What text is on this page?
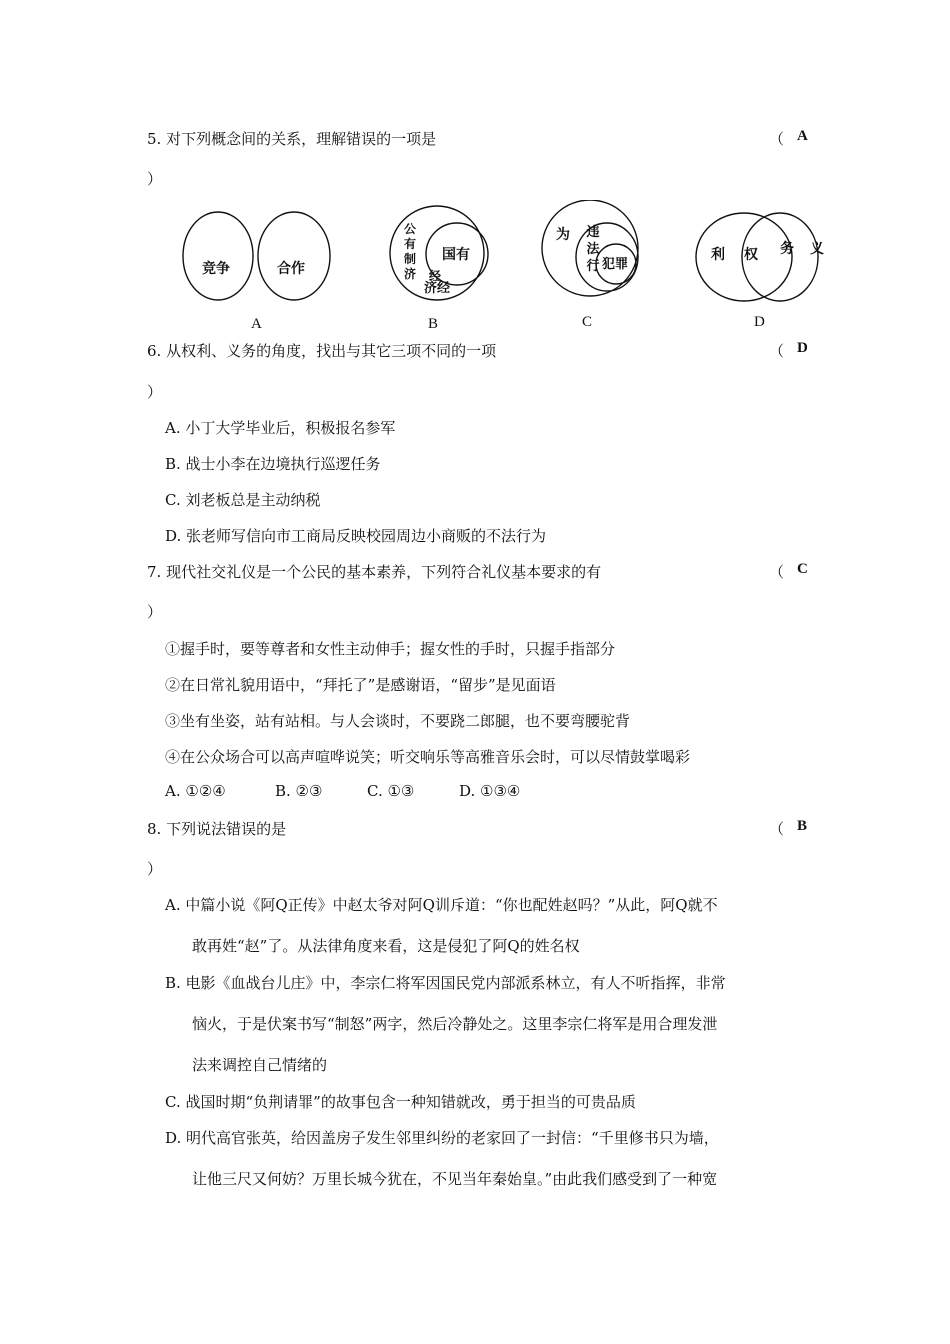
5. 对下列概念间的关系，理解错误的一项是	（ A
）
竞争	合作
A
公有制济
国有
经
济经
B
为 违法行 犯罪
C
利 权 务 义
D
6. 从权利、义务的角度，找出与其它三项不同的一项	（ D
）
A. 小丁大学毕业后，积极报名参军
B. 战士小李在边境执行巡逻任务
C. 刘老板总是主动纳税
D. 张老师写信向市工商局反映校园周边小商贩的不法行为
7. 现代社交礼仪是一个公民的基本素养，下列符合礼仪基本要求的有	（ C
）
①握手时，要等尊者和女性主动伸手；握女性的手时，只握手指部分
②在日常礼貌用语中，“拜托了”是感谢语，“留步”是见面语
③坐有坐姿，站有站相。与人会谈时，不要跷二郎腿，也不要弯腰驼背
④在公众场合可以高声喧哗说笑；听交响乐等高雅音乐会时，可以尽情鼓掌喝彩
A. ①②④	B. ②③	C. ①③	D. ①③④
8. 下列说法错误的是	（ B
）
A. 中篇小说《阿Q正传》中赵太爷对阿Q训斥道：“你也配姓赵吗？”从此，阿Q就不
敢再姓“赵”了。从法律角度来看，这是侵犯了阿Q的姓名权
B. 电影《血战台儿庄》中，李宗仁将军因国民党内部派系林立，有人不听指挥，非常
恼火，于是伏案书写“制怒”两字，然后冷静处之。这里李宗仁将军是用合理发泄
法来调控自己情绪的
C. 战国时期“负荆请罪”的故事包含一种知错就改，勇于担当的可贵品质
D. 明代高官张英，给因盖房子发生邻里纠纷的老家回了一封信：“千里修书只为墙，
让他三尺又何妨？万里长城今犹在，不见当年秦始皇。”由此我们感受到了一种宽
